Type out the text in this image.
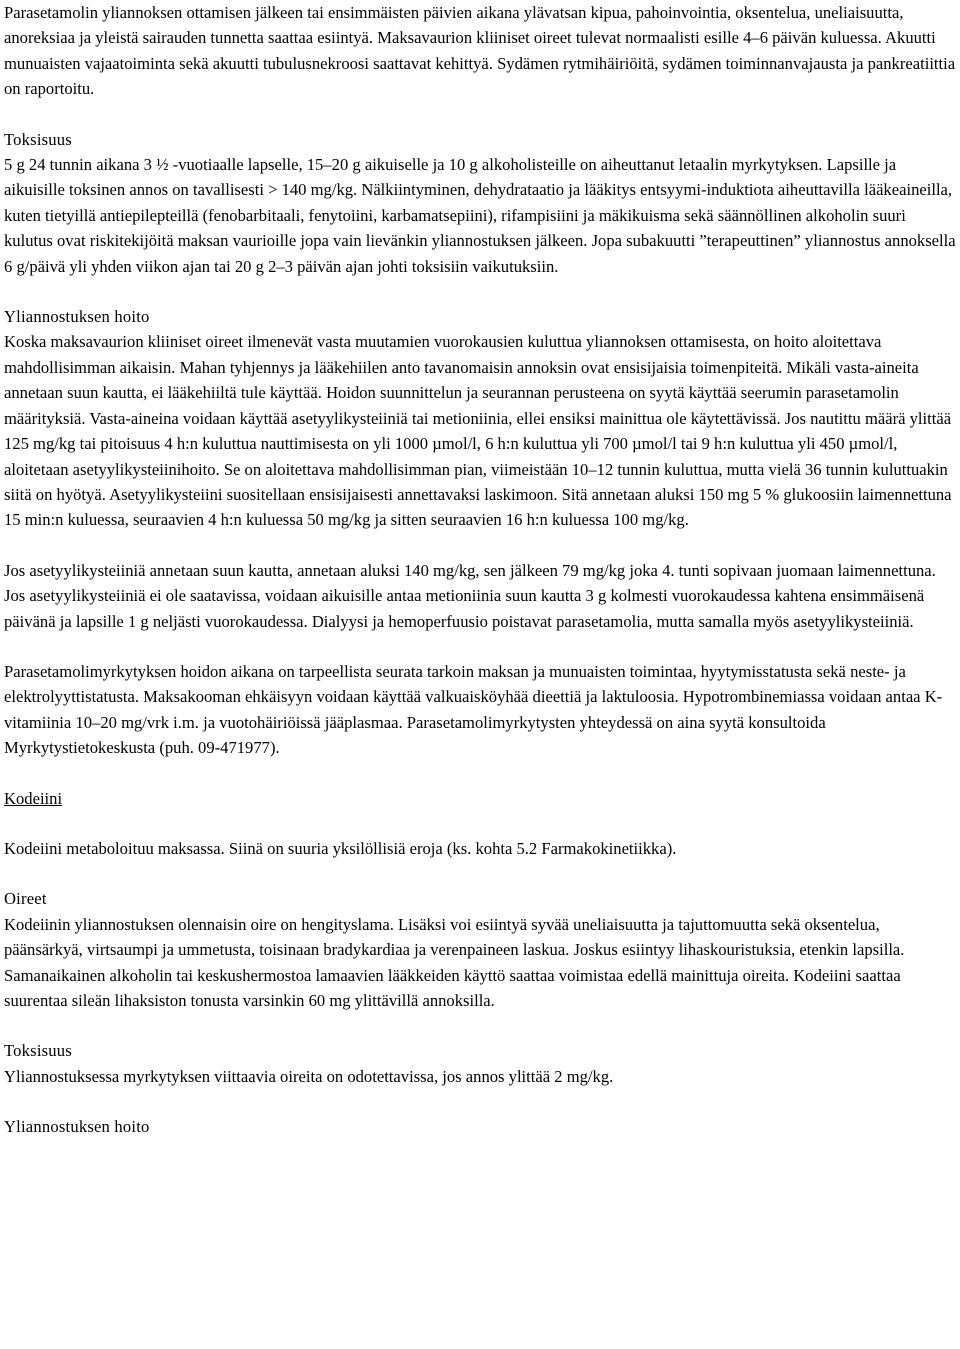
Parasetamolin yliannoksen ottamisen jälkeen tai ensimmäisten päivien aikana ylävatsan kipua, pahoinvointia, oksentelua, uneliaisuutta, anoreksiaa ja yleistä sairauden tunnetta saattaa esiintyä. Maksavaurion kliiniset oireet tulevat normaalisti esille 4–6 päivän kuluessa. Akuutti munuaisten vajaatoiminta sekä akuutti tubulusnekroosi saattavat kehittyä. Sydämen rytmihäiriöitä, sydämen toiminnanvajausta ja pankreatiittia on raportoitu.

Toksisuus

5 g 24 tunnin aikana 3 ½ -vuotiaalle lapselle, 15–20 g aikuiselle ja 10 g alkoholisteille on aiheuttanut letaalin myrkytyksen. Lapsille ja aikuisille toksinen annos on tavallisesti > 140 mg/kg. Nälkiintyminen, dehydrataatio ja lääkitys entsyymi-induktiota aiheuttavilla lääkeaineilla, kuten tietyillä antiepilepteillä (fenobarbitaali, fenytoiini, karbamatsepiini), rifampisiini ja mäkikuisma sekä säännöllinen alkoholin suuri kulutus ovat riskitekijöitä maksan vaurioille jopa vain lievänkin yliannostuksen jälkeen. Jopa subakuutti ”terapeuttinen” yliannostus annoksella 6 g/päivä yli yhden viikon ajan tai 20 g 2–3 päivän ajan johti toksisiin vaikutuksiin.

Yliannostuksen hoito

Koska maksavaurion kliiniset oireet ilmenevät vasta muutamien vuorokausien kuluttua yliannoksen ottamisesta, on hoito aloitettava mahdollisimman aikaisin. Mahan tyhjennys ja lääkehiilen anto tavanomaisin annoksin ovat ensisijaisia toimenpiteitä. Mikäli vasta-aineita annetaan suun kautta, ei lääkehiiltä tule käyttää. Hoidon suunnittelun ja seurannan perusteena on syytä käyttää seerumin parasetamolin määrityksiä. Vasta-aineina voidaan käyttää asetyylikysteiiniä tai metioniinia, ellei ensiksi mainittua ole käytettävissä. Jos nautittu määrä ylittää 125 mg/kg tai pitoisuus 4 h:n kuluttua nauttimisesta on yli 1000 µmol/l, 6 h:n kuluttua yli 700 µmol/l tai 9 h:n kuluttua yli 450 µmol/l, aloitetaan asetyylikysteiinihoito. Se on aloitettava mahdollisimman pian, viimeistään 10–12 tunnin kuluttua, mutta vielä 36 tunnin kuluttuakin siitä on hyötyä. Asetyylikysteiini suositellaan ensisijaisesti annettavaksi laskimoon. Sitä annetaan aluksi 150 mg 5 % glukoosiin laimennettuna 15 min:n kuluessa, seuraavien 4 h:n kuluessa 50 mg/kg ja sitten seuraavien 16 h:n kuluessa 100 mg/kg.

Jos asetyylikysteiiniä annetaan suun kautta, annetaan aluksi 140 mg/kg, sen jälkeen 79 mg/kg joka 4. tunti sopivaan juomaan laimennettuna. Jos asetyylikysteiiniä ei ole saatavissa, voidaan aikuisille antaa metioniinia suun kautta 3 g kolmesti vuorokaudessa kahtena ensimmäisenä päivänä ja lapsille 1 g neljästi vuorokaudessa. Dialyysi ja hemoperfuusio poistavat parasetamolia, mutta samalla myös asetyylikysteiiniä.

Parasetamolimyrkytyksen hoidon aikana on tarpeellista seurata tarkoin maksan ja munuaisten toimintaa, hyytymisstatusta sekä neste- ja elektrolyyttistatusta. Maksakooman ehkäisyyn voidaan käyttää valkuaisköyhää dieettiä ja laktuloosia. Hypotrombinemiassa voidaan antaa K-vitamiinia 10–20 mg/vrk i.m. ja vuotohäiriöissä jääplasmaa. Parasetamolimyrkytysten yhteydessä on aina syytä konsultoida Myrkytystietokeskusta (puh. 09-471977).

Kodeiini

Kodeiini metaboloituu maksassa. Siinä on suuria yksilöllisiä eroja (ks. kohta 5.2 Farmakokinetiikka).

Oireet

Kodeiinin yliannostuksen olennaisin oire on hengityslama. Lisäksi voi esiintyä syvää uneliaisuutta ja tajuttomuutta sekä oksentelua, päänsärkyä, virtsaumpi ja ummetusta, toisinaan bradykardiaa ja verenpaineen laskua. Joskus esiintyy lihaskouristuksia, etenkin lapsilla. Samanaikainen alkoholin tai keskushermostoa lamaavien lääkkeiden käyttö saattaa voimistaa edellä mainittuja oireita. Kodeiini saattaa suurentaa sileän lihaksiston tonusta varsinkin 60 mg ylittävillä annoksilla.

Toksisuus

Yliannostuksessa myrkytyksen viittaavia oireita on odotettavissa, jos annos ylittää 2 mg/kg.

Yliannostuksen hoito
